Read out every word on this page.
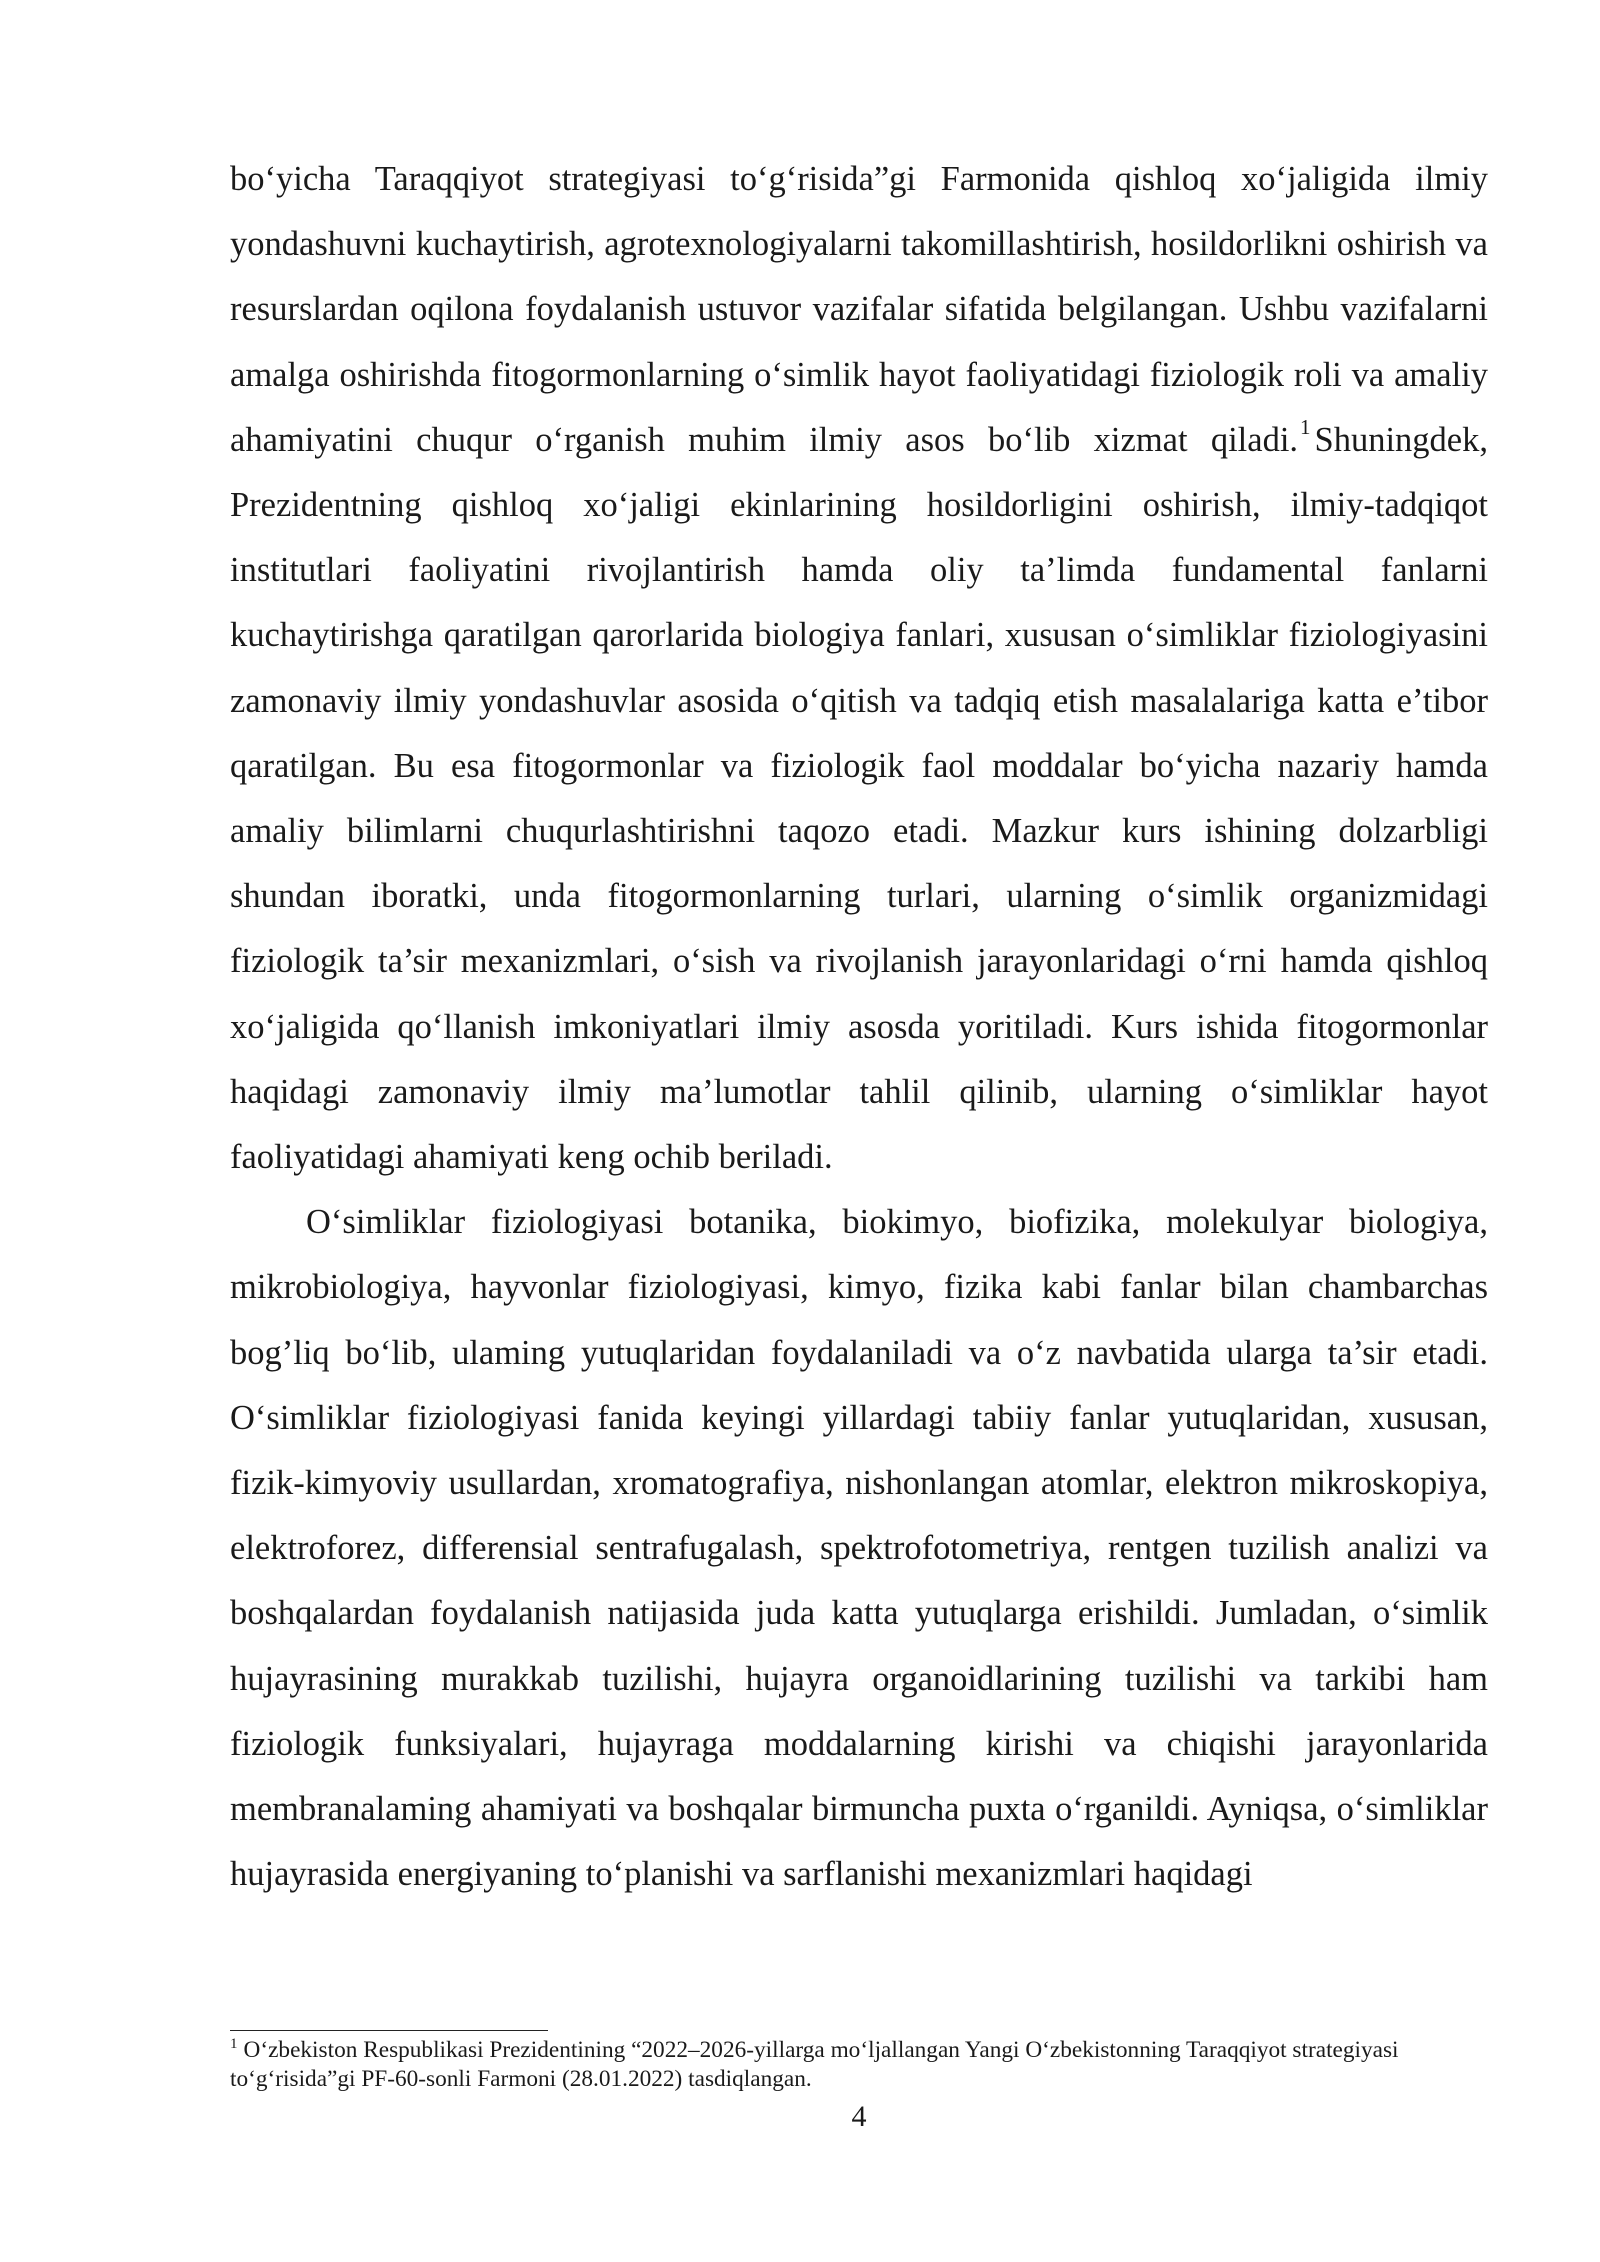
bo‘yicha Taraqqiyot strategiyasi to‘g‘risida”gi Farmonida qishloq xo‘jaligida ilmiy yondashuvni kuchaytirish, agrotexnologiyalarni takomillashtirish, hosildorlikni oshirish va resurslardan oqilona foydalanish ustuvor vazifalar sifatida belgilangan. Ushbu vazifalarni amalga oshirishda fitogormonlarning o‘simlik hayot faoliyatidagi fiziologik roli va amaliy ahamiyatini chuqur o‘rganish muhim ilmiy asos bo‘lib xizmat qiladi.$^1$ Shuningdek, Prezidentning qishloq xo‘jaligi ekinlarining hosildorligini oshirish, ilmiy-tadqiqot institutlari faoliyatini rivojlantirish hamda oliy ta’limda fundamental fanlarni kuchaytirishga qaratilgan qarorlarida biologiya fanlari, xususan o‘simliklar fiziologiyasini zamonaviy ilmiy yondashuvlar asosida o‘qitish va tadqiq etish masalalariga katta e’tibor qaratilgan. Bu esa fitogormonlar va fiziologik faol moddalar bo‘yicha nazariy hamda amaliy bilimlarni chuqurlashtirishni taqozo etadi. Mazkur kurs ishining dolzarbligi shundan iboratki, unda fitogormonlarning turlari, ularning o‘simlik organizmidagi fiziologik ta’sir mexanizmlari, o‘sish va rivojlanish jarayonlaridagi o‘rni hamda qishloq xo‘jaligida qo‘llanish imkoniyatlari ilmiy asosda yoritiladi. Kurs ishida fitogormonlar haqidagi zamonaviy ilmiy ma’lumotlar tahlil qilinib, ularning o‘simliklar hayot faoliyatidagi ahamiyati keng ochib beriladi.

O‘simliklar fiziologiyasi botanika, biokimyo, biofizika, molekulyar biologiya, mikrobiologiya, hayvonlar fiziologiyasi, kimyo, fizika kabi fanlar bilan chambarchas bog’liq bo‘lib, ulaming yutuqlaridan foydalaniladi va o‘z navbatida ularga ta’sir etadi. O‘simliklar fiziologiyasi fanida keyingi yillardagi tabiiy fanlar yutuqlaridan, xususan, fizik-kimyoviy usullardan, xromatografiya, nishonlangan atomlar, elektron mikroskopiya, elektroforez, differensial sentrafugalash, spektrofotometriya, rentgen tuzilish analizi va boshqalardan foydalanish natijasida juda katta yutuqlarga erishildi. Jumladan, o‘simlik hujayrasining murakkab tuzilishi, hujayra organoidlarining tuzilishi va tarkibi ham fiziologik funksiyalari, hujayraga moddalarning kirishi va chiqishi jarayonlarida membranalaming ahamiyati va boshqalar birmuncha puxta o‘rganildi. Ayniqsa, o‘simliklar hujayrasida energiyaning to‘planishi va sarflanishi mexanizmlari haqidagi

$^1$ O‘zbekiston Respublikasi Prezidentining “2022–2026-yillarga mo‘ljallangan Yangi O‘zbekistonning Taraqqiyot strategiyasi to‘g‘risida”gi PF-60-sonli Farmoni (28.01.2022) tasdiqlangan.

4
